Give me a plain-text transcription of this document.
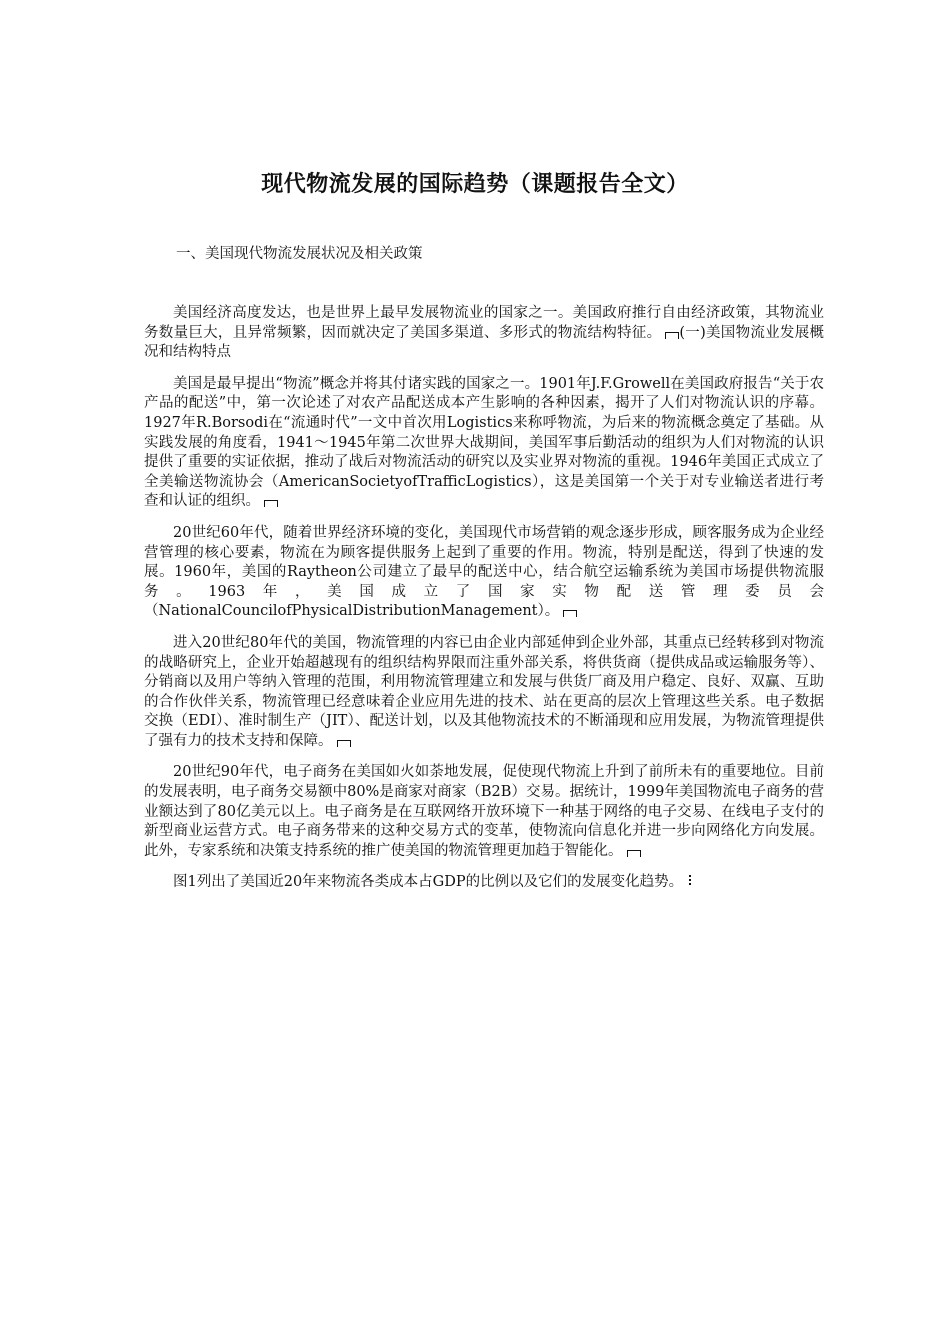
现代物流发展的国际趋势（课题报告全文）
一、美国现代物流发展状况及相关政策

美国经济高度发达，也是世界上最早发展物流业的国家之一。美国政府推行自由经济政策，其物流业务数量巨大，且异常频繁，因而就决定了美国多渠道、多形式的物流结构特征。 (一)美国物流业发展概况和结构特点

美国是最早提出“物流”概念并将其付诸实践的国家之一。1901年J.F.Growell在美国政府报告“关于农产品的配送”中，第一次论述了对农产品配送成本产生影响的各种因素，揭开了人们对物流认识的序幕。1927年R.Borsodi在“流通时代”一文中首次用Logistics来称呼物流，为后来的物流概念奠定了基础。从实践发展的角度看，1941～1945年第二次世界大战期间，美国军事后勤活动的组织为人们对物流的认识提供了重要的实证依据，推动了战后对物流活动的研究以及实业界对物流的重视。1946年美国正式成立了全美输送物流协会（AmericanSocietyofTrafficLogistics），这是美国第一个关于对专业输送者进行考查和认证的组织。

20世纪60年代，随着世界经济环境的变化，美国现代市场营销的观念逐步形成，顾客服务成为企业经营管理的核心要素，物流在为顾客提供服务上起到了重要的作用。物流，特别是配送，得到了快速的发展。1960年，美国的Raytheon公司建立了最早的配送中心，结合航空运输系统为美国市场提供物流服务。1963年，美国成立了国家实物配送管理委员会（NationalCouncilofPhysicalDistributionManagement）。

进入20世纪80年代的美国，物流管理的内容已由企业内部延伸到企业外部，其重点已经转移到对物流的战略研究上，企业开始超越现有的组织结构界限而注重外部关系，将供货商（提供成品或运输服务等）、分销商以及用户等纳入管理的范围，利用物流管理建立和发展与供货厂商及用户稳定、良好、双赢、互助的合作伙伴关系，物流管理已经意味着企业应用先进的技术、站在更高的层次上管理这些关系。电子数据交换（EDI）、准时制生产（JIT）、配送计划，以及其他物流技术的不断涌现和应用发展，为物流管理提供了强有力的技术支持和保障。

20世纪90年代，电子商务在美国如火如荼地发展，促使现代物流上升到了前所未有的重要地位。目前的发展表明，电子商务交易额中80%是商家对商家（B2B）交易。据统计，1999年美国物流电子商务的营业额达到了80亿美元以上。电子商务是在互联网络开放环境下一种基于网络的电子交易、在线电子支付的新型商业运营方式。电子商务带来的这种交易方式的变革，使物流向信息化并进一步向网络化方向发展。此外，专家系统和决策支持系统的推广使美国的物流管理更加趋于智能化。

图1列出了美国近20年来物流各类成本占GDP的比例以及它们的发展变化趋势。
